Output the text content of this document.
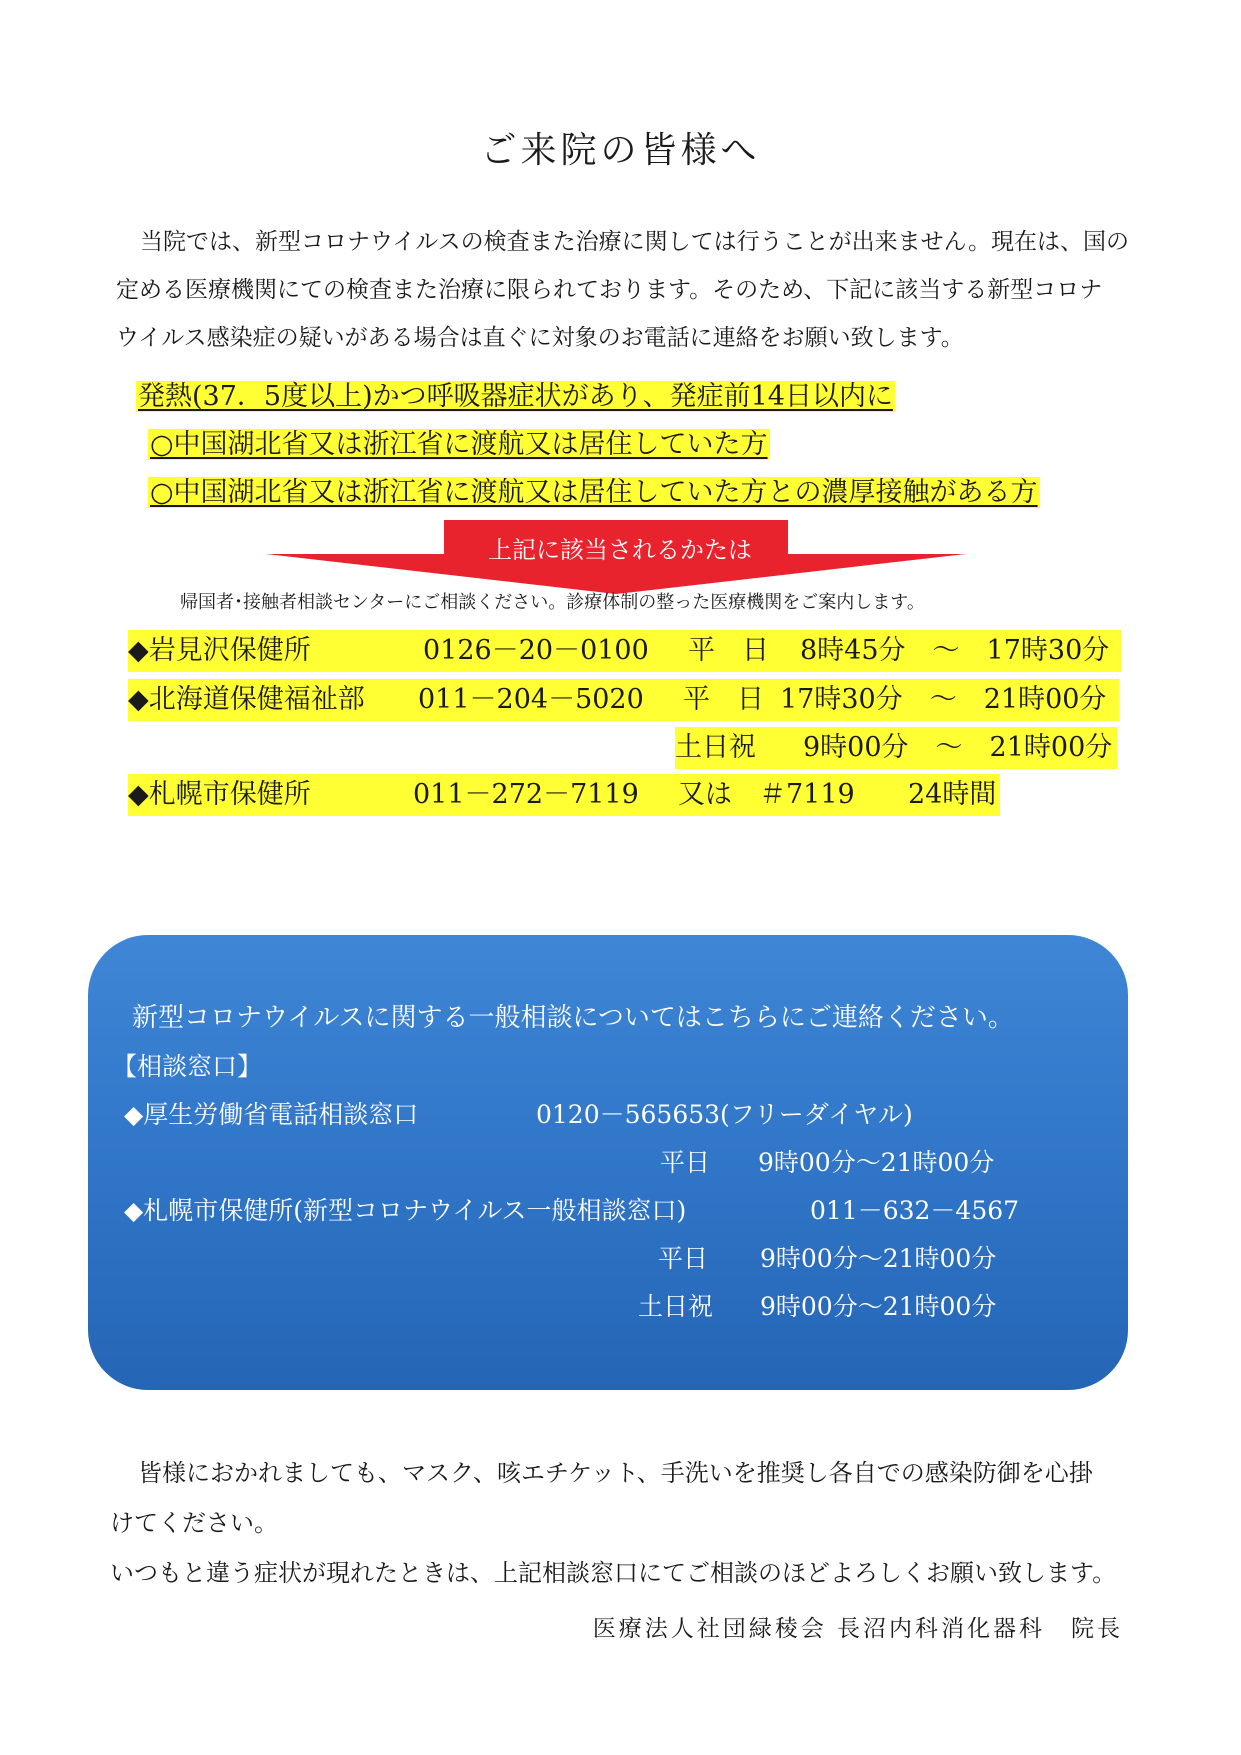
ご来院の皆様へ

当院では、新型コロナウイルスの検査また治療に関しては行うことが出来ません。現在は、国の
定める医療機関にての検査また治療に限られております。そのため、下記に該当する新型コロナ
ウイルス感染症の疑いがある場合は直ぐに対象のお電話に連絡をお願い致します。

発熱(37．5度以上)かつ呼吸器症状があり、発症前14日以内に
○中国湖北省又は浙江省に渡航又は居住していた方
○中国湖北省又は浙江省に渡航又は居住していた方との濃厚接触がある方
上記に該当されるかたは
帰国者･接触者相談センターにご相談ください。診療体制の整った医療機関をご案内します。
◆岩見沢保健所	0126－20－0100 平　日 8時45分　～　17時30分
◆北海道保健福祉部 011－204－5020 平　日 17時30分　～　21時00分
土日祝 9時00分　～　21時00分
◆札幌市保健所	011－272－7119 又は　＃7119 24時間
新型コロナウイルスに関する一般相談についてはこちらにご連絡ください。
【相談窓口】
◆厚生労働省電話相談窓口	0120－565653(フリーダイヤル)
平日 9時00分～21時00分
◆札幌市保健所(新型コロナウイルス一般相談窓口)	011－632－4567
平日 9時00分～21時00分
土日祝 9時00分～21時00分
皆様におかれましても、マスク、咳エチケット、手洗いを推奨し各自での感染防御を心掛
けてください。
いつもと違う症状が現れたときは、上記相談窓口にてご相談のほどよろしくお願い致します。
医療法人社団緑稜会 長沼内科消化器科　院長
